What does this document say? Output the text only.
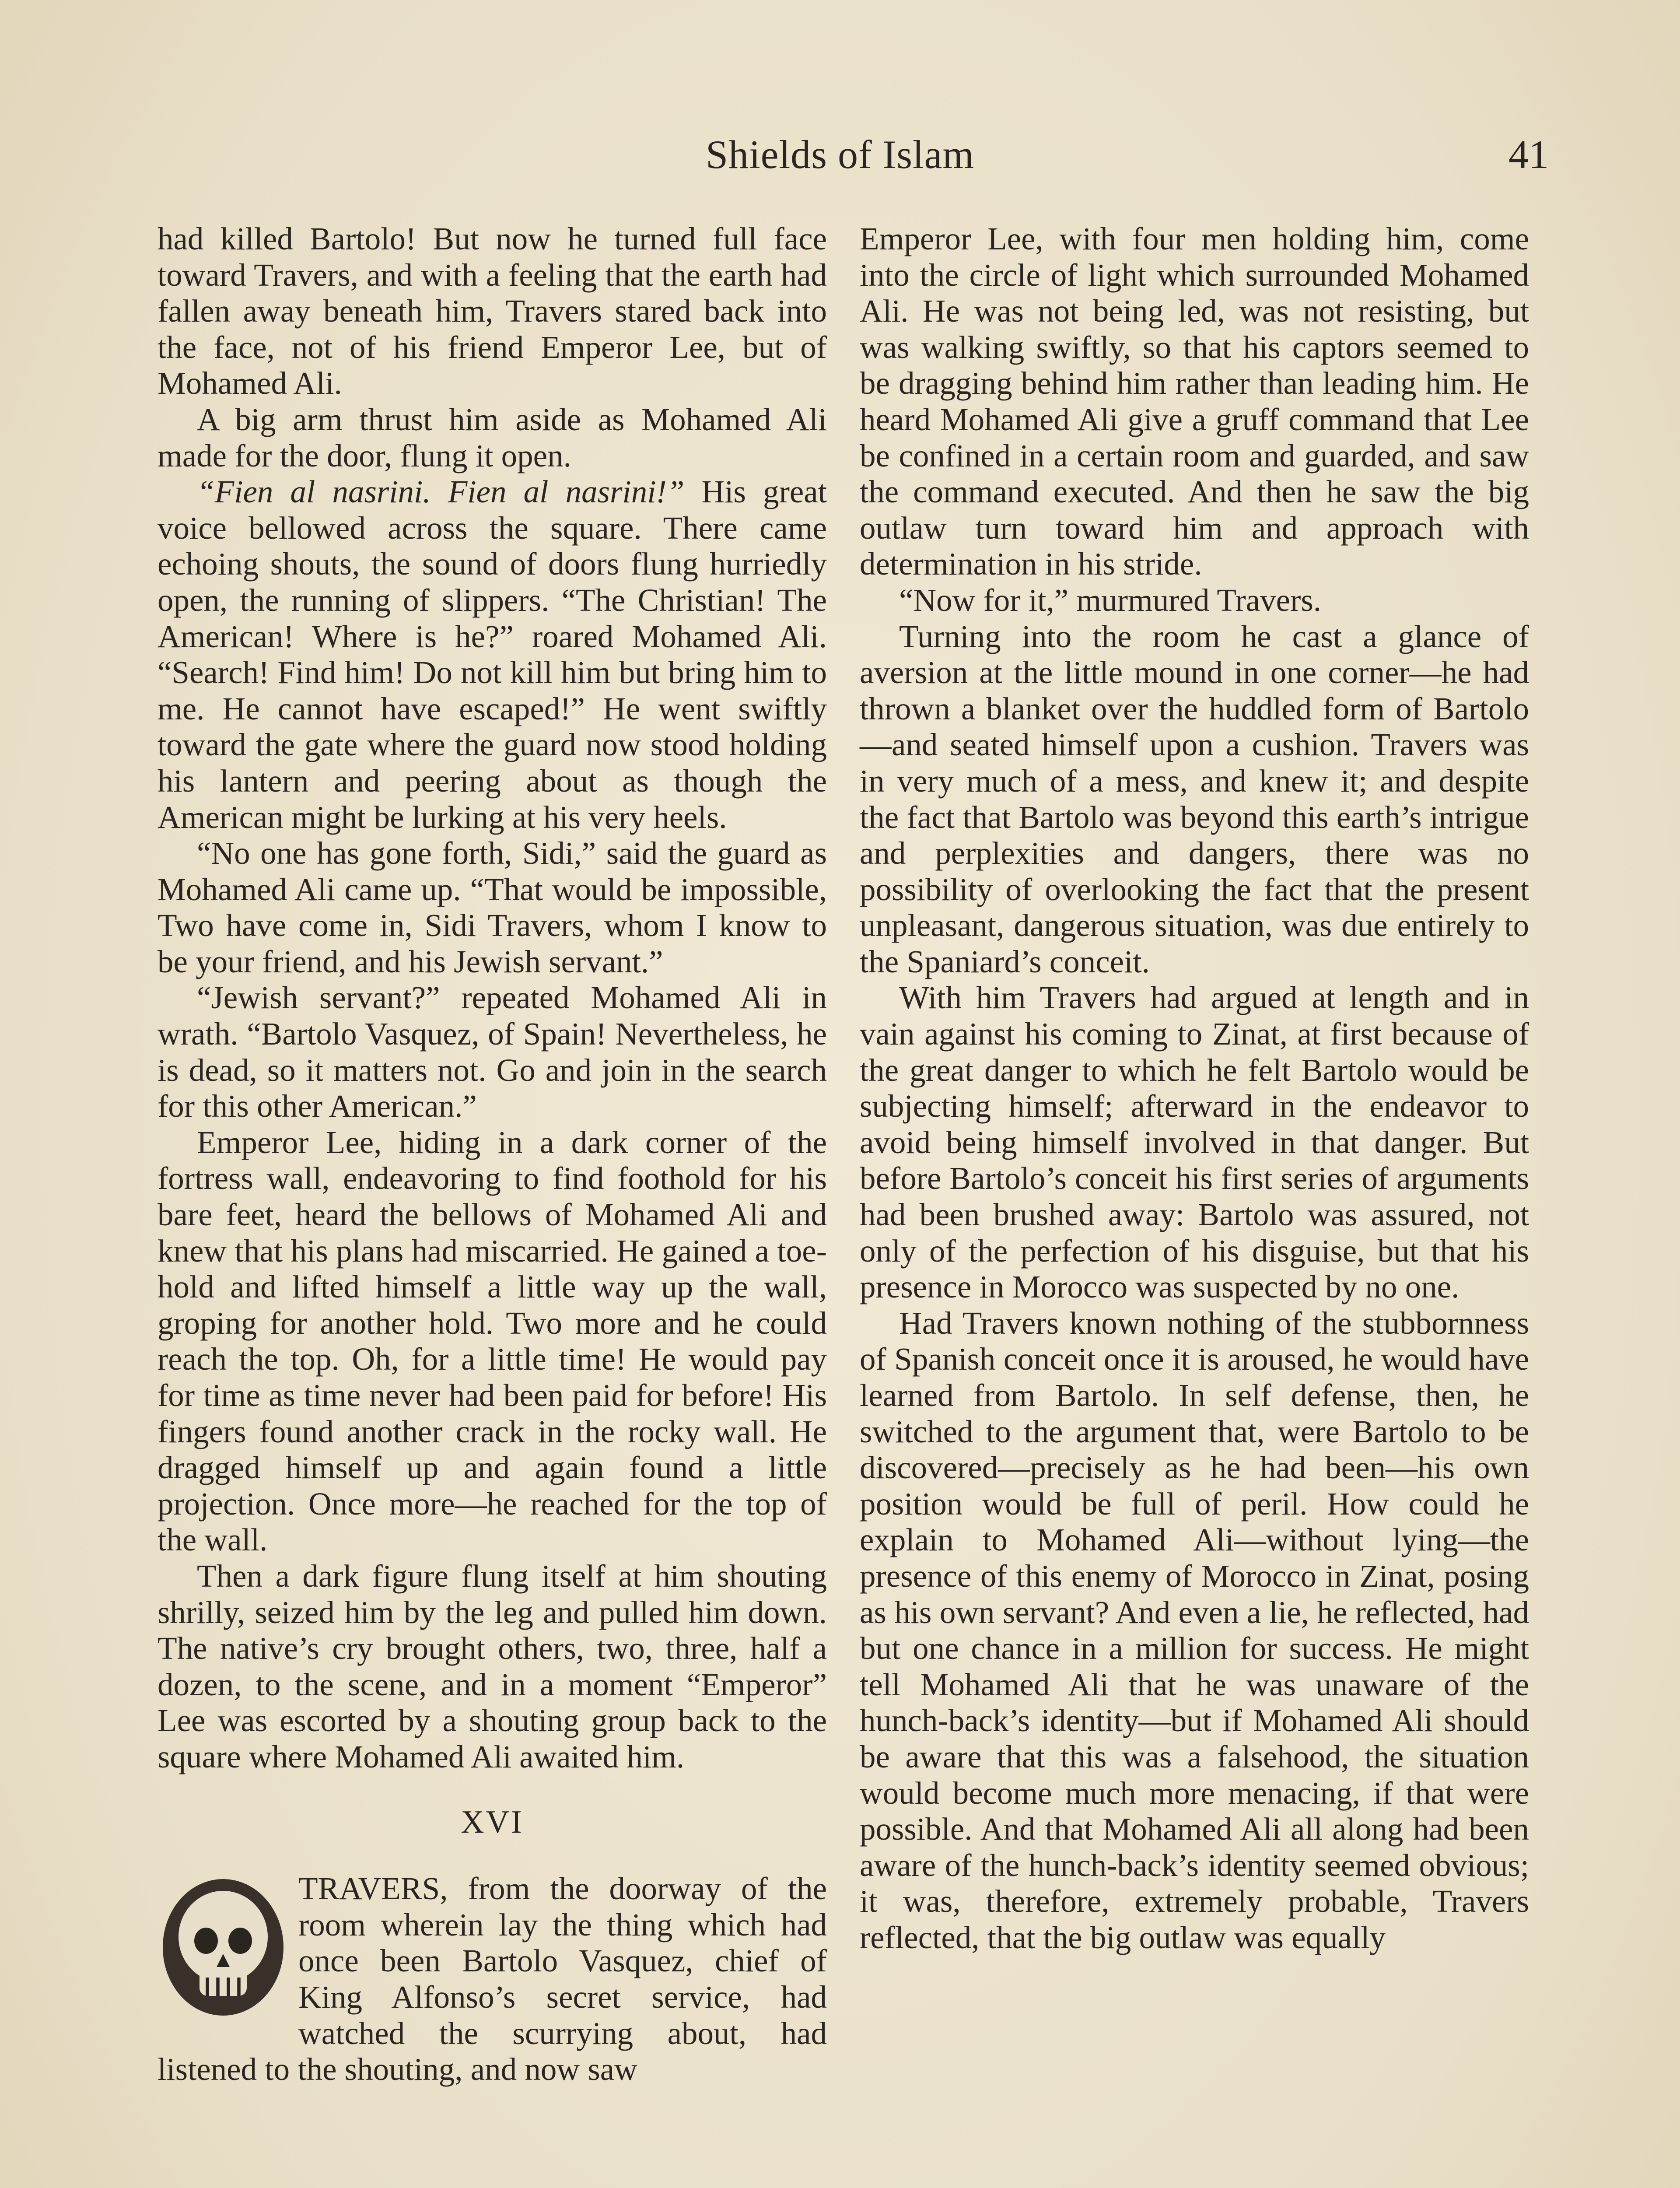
Shields of Islam	41

had killed Bartolo! But now he turned full face toward Travers, and with a feeling that the earth had fallen away beneath him, Travers stared back into the face, not of his friend Emperor Lee, but of Mohamed Ali.

A big arm thrust him aside as Mohamed Ali made for the door, flung it open.

“Fien al nasrini. Fien al nasrini!” His great voice bellowed across the square. There came echoing shouts, the sound of doors flung hurriedly open, the running of slippers. “The Christian! The American! Where is he?” roared Mohamed Ali. “Search! Find him! Do not kill him but bring him to me. He cannot have escaped!” He went swiftly toward the gate where the guard now stood holding his lantern and peering about as though the American might be lurking at his very heels.

“No one has gone forth, Sidi,” said the guard as Mohamed Ali came up. “That would be impossible, Two have come in, Sidi Travers, whom I know to be your friend, and his Jewish servant.”

“Jewish servant?” repeated Mohamed Ali in wrath. “Bartolo Vasquez, of Spain! Nevertheless, he is dead, so it matters not. Go and join in the search for this other American.”

Emperor Lee, hiding in a dark corner of the fortress wall, endeavoring to find foothold for his bare feet, heard the bellows of Mohamed Ali and knew that his plans had miscarried. He gained a toe-hold and lifted himself a little way up the wall, groping for another hold. Two more and he could reach the top. Oh, for a little time! He would pay for time as time never had been paid for before! His fingers found another crack in the rocky wall. He dragged himself up and again found a little projection. Once more—he reached for the top of the wall.

Then a dark figure flung itself at him shouting shrilly, seized him by the leg and pulled him down. The native’s cry brought others, two, three, half a dozen, to the scene, and in a moment “Emperor” Lee was escorted by a shouting group back to the square where Mohamed Ali awaited him.

XVI

TRAVERS, from the doorway of the room wherein lay the thing which had once been Bartolo Vasquez, chief of King Alfonso’s secret service, had watched the scurrying about, had listened to the shouting, and now saw

Emperor Lee, with four men holding him, come into the circle of light which surrounded Mohamed Ali. He was not being led, was not resisting, but was walking swiftly, so that his captors seemed to be dragging behind him rather than leading him. He heard Mohamed Ali give a gruff command that Lee be confined in a certain room and guarded, and saw the command executed. And then he saw the big outlaw turn toward him and approach with determination in his stride.

“Now for it,” murmured Travers.

Turning into the room he cast a glance of aversion at the little mound in one corner—he had thrown a blanket over the huddled form of Bartolo—and seated himself upon a cushion. Travers was in very much of a mess, and knew it; and despite the fact that Bartolo was beyond this earth’s intrigue and perplexities and dangers, there was no possibility of overlooking the fact that the present unpleasant, dangerous situation, was due entirely to the Spaniard’s conceit.

With him Travers had argued at length and in vain against his coming to Zinat, at first because of the great danger to which he felt Bartolo would be subjecting himself; afterward in the endeavor to avoid being himself involved in that danger. But before Bartolo’s conceit his first series of arguments had been brushed away: Bartolo was assured, not only of the perfection of his disguise, but that his presence in Morocco was suspected by no one.

Had Travers known nothing of the stubbornness of Spanish conceit once it is aroused, he would have learned from Bartolo. In self defense, then, he switched to the argument that, were Bartolo to be discovered—precisely as he had been—his own position would be full of peril. How could he explain to Mohamed Ali—without lying—the presence of this enemy of Morocco in Zinat, posing as his own servant? And even a lie, he reflected, had but one chance in a million for success. He might tell Mohamed Ali that he was unaware of the hunch-back’s identity—but if Mohamed Ali should be aware that this was a falsehood, the situation would become much more menacing, if that were possible. And that Mohamed Ali all along had been aware of the hunch-back’s identity seemed obvious; it was, therefore, extremely probable, Travers reflected, that the big outlaw was equally
